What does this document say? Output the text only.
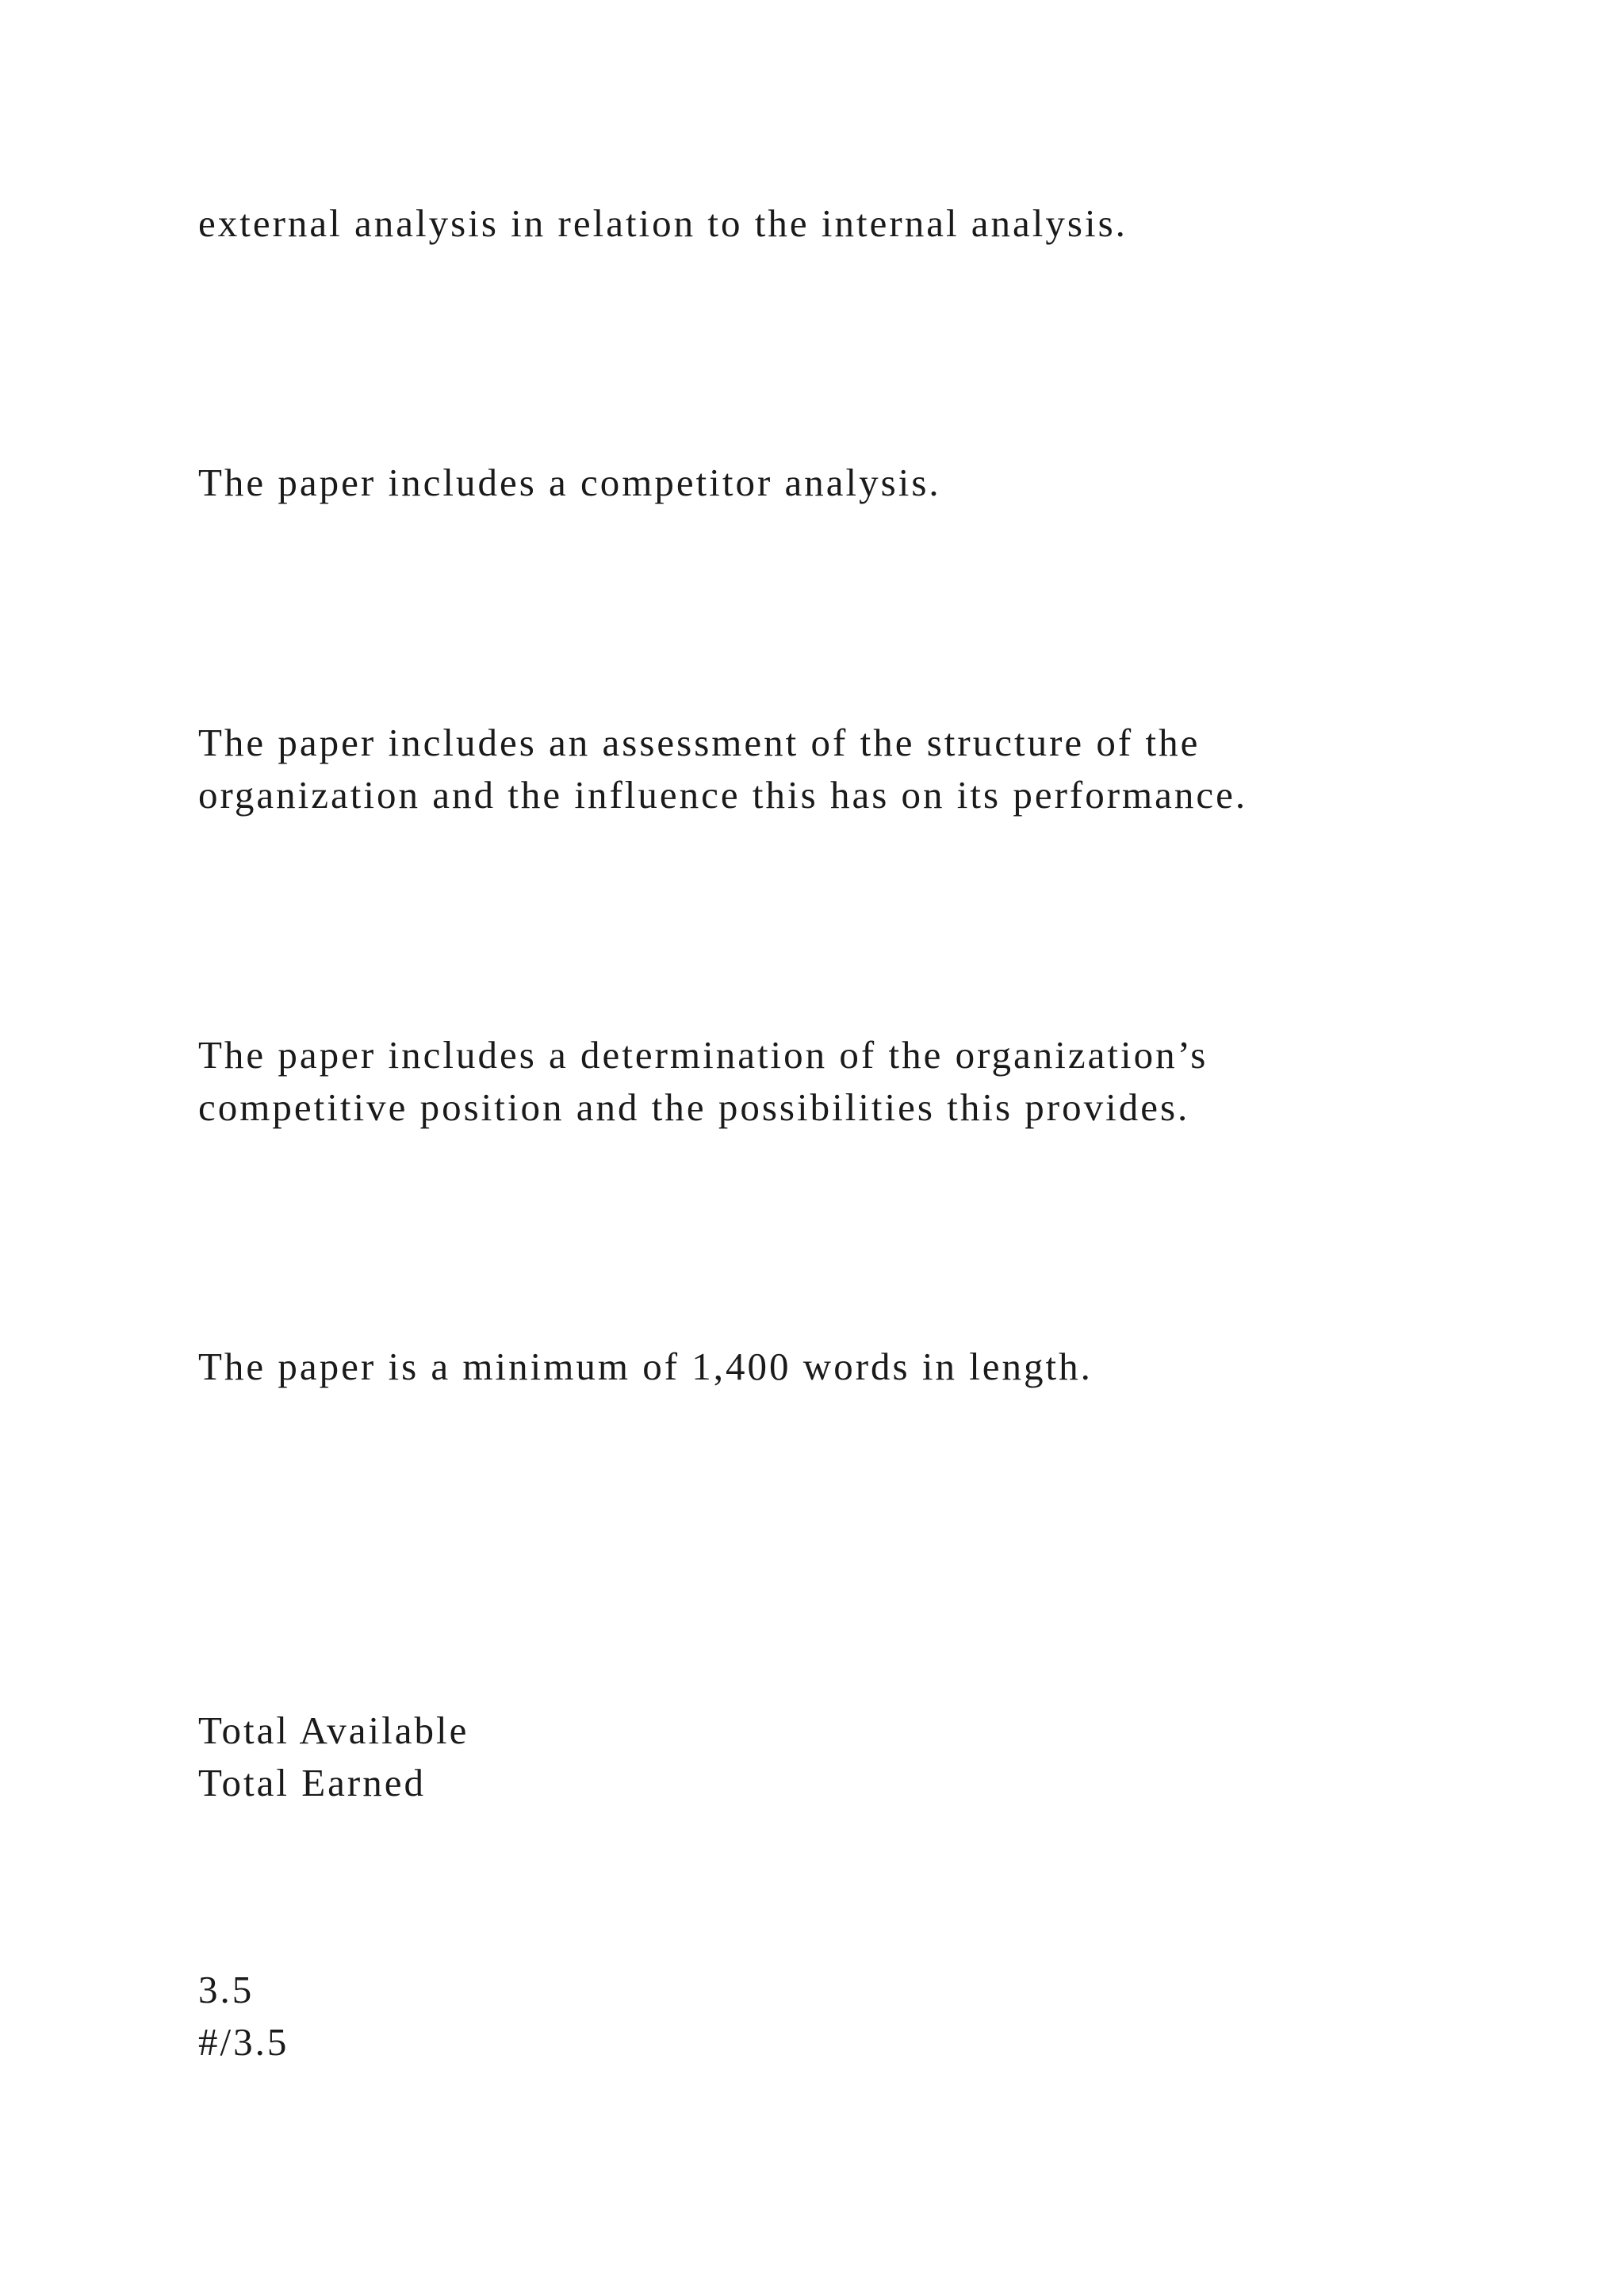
external analysis in relation to the internal analysis.
The paper includes a competitor analysis.
The paper includes an assessment of the structure of the
organization and the influence this has on its performance.
The paper includes a determination of the organization’s
competitive position and the possibilities this provides.
The paper is a minimum of 1,400 words in length.
Total Available
Total Earned
3.5
#/3.5
